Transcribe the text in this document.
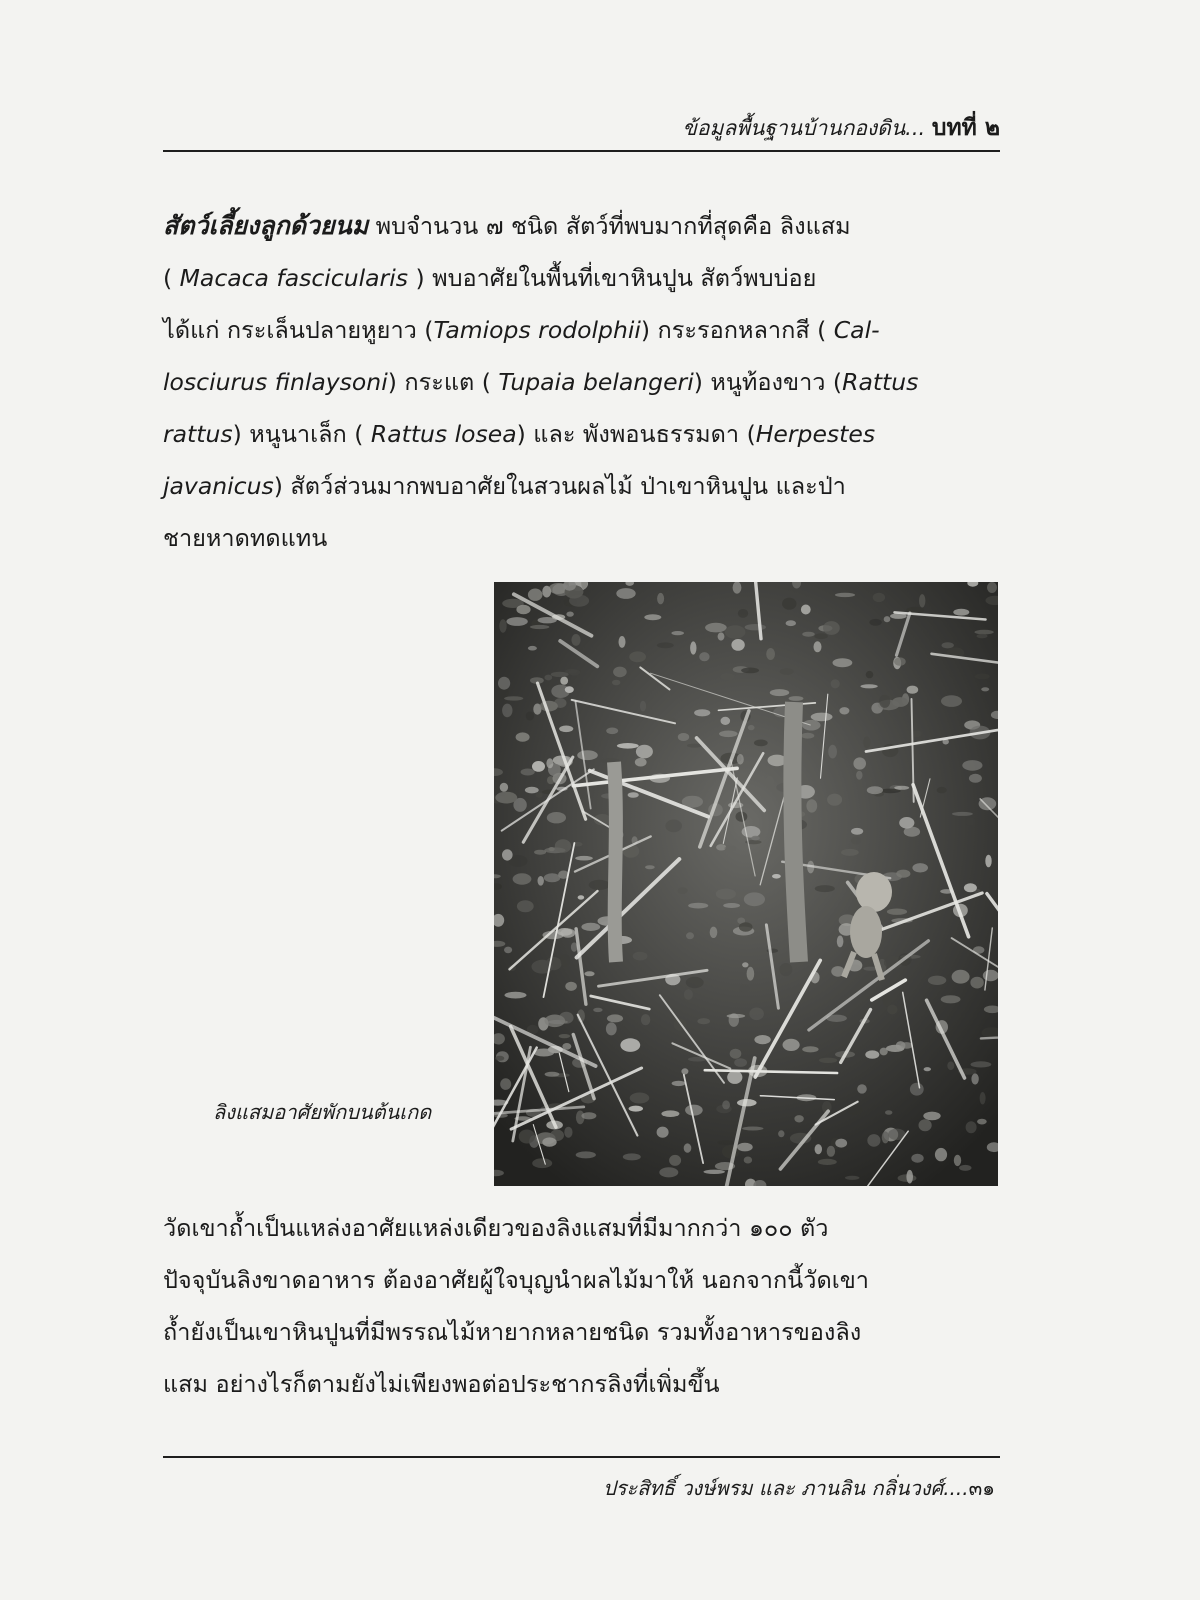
ข้อมูลพื้นฐานบ้านกองดิน... บทที่ ๒
สัตว์เลี้ยงลูกด้วยนม พบจำนวน ๗ ชนิด สัตว์ที่พบมากที่สุดคือ ลิงแสม
( Macaca fascicularis ) พบอาศัยในพื้นที่เขาหินปูน สัตว์พบบ่อย
ได้แก่ กระเล็นปลายหูยาว (Tamiops rodolphii) กระรอกหลากสี ( Cal-
losciurus finlaysoni) กระแต ( Tupaia belangeri) หนูท้องขาว (Rattus
rattus) หนูนาเล็ก ( Rattus losea) และ พังพอนธรรมดา (Herpestes
javanicus) สัตว์ส่วนมากพบอาศัยในสวนผลไม้ ป่าเขาหินปูน และป่า
ชายหาดทดแทน
ลิงแสมอาศัยพักบนต้นเกด
วัดเขาถ้ำเป็นแหล่งอาศัยแหล่งเดียวของลิงแสมที่มีมากกว่า ๑๐๐ ตัว
ปัจจุบันลิงขาดอาหาร ต้องอาศัยผู้ใจบุญนำผลไม้มาให้ นอกจากนี้วัดเขา
ถ้ำยังเป็นเขาหินปูนที่มีพรรณไม้หายากหลายชนิด รวมทั้งอาหารของลิง
แสม อย่างไรก็ตามยังไม่เพียงพอต่อประชากรลิงที่เพิ่มขึ้น
ประสิทธิ์ วงษ์พรม และ ภานลิน กลิ่นวงศ์....๓๑
